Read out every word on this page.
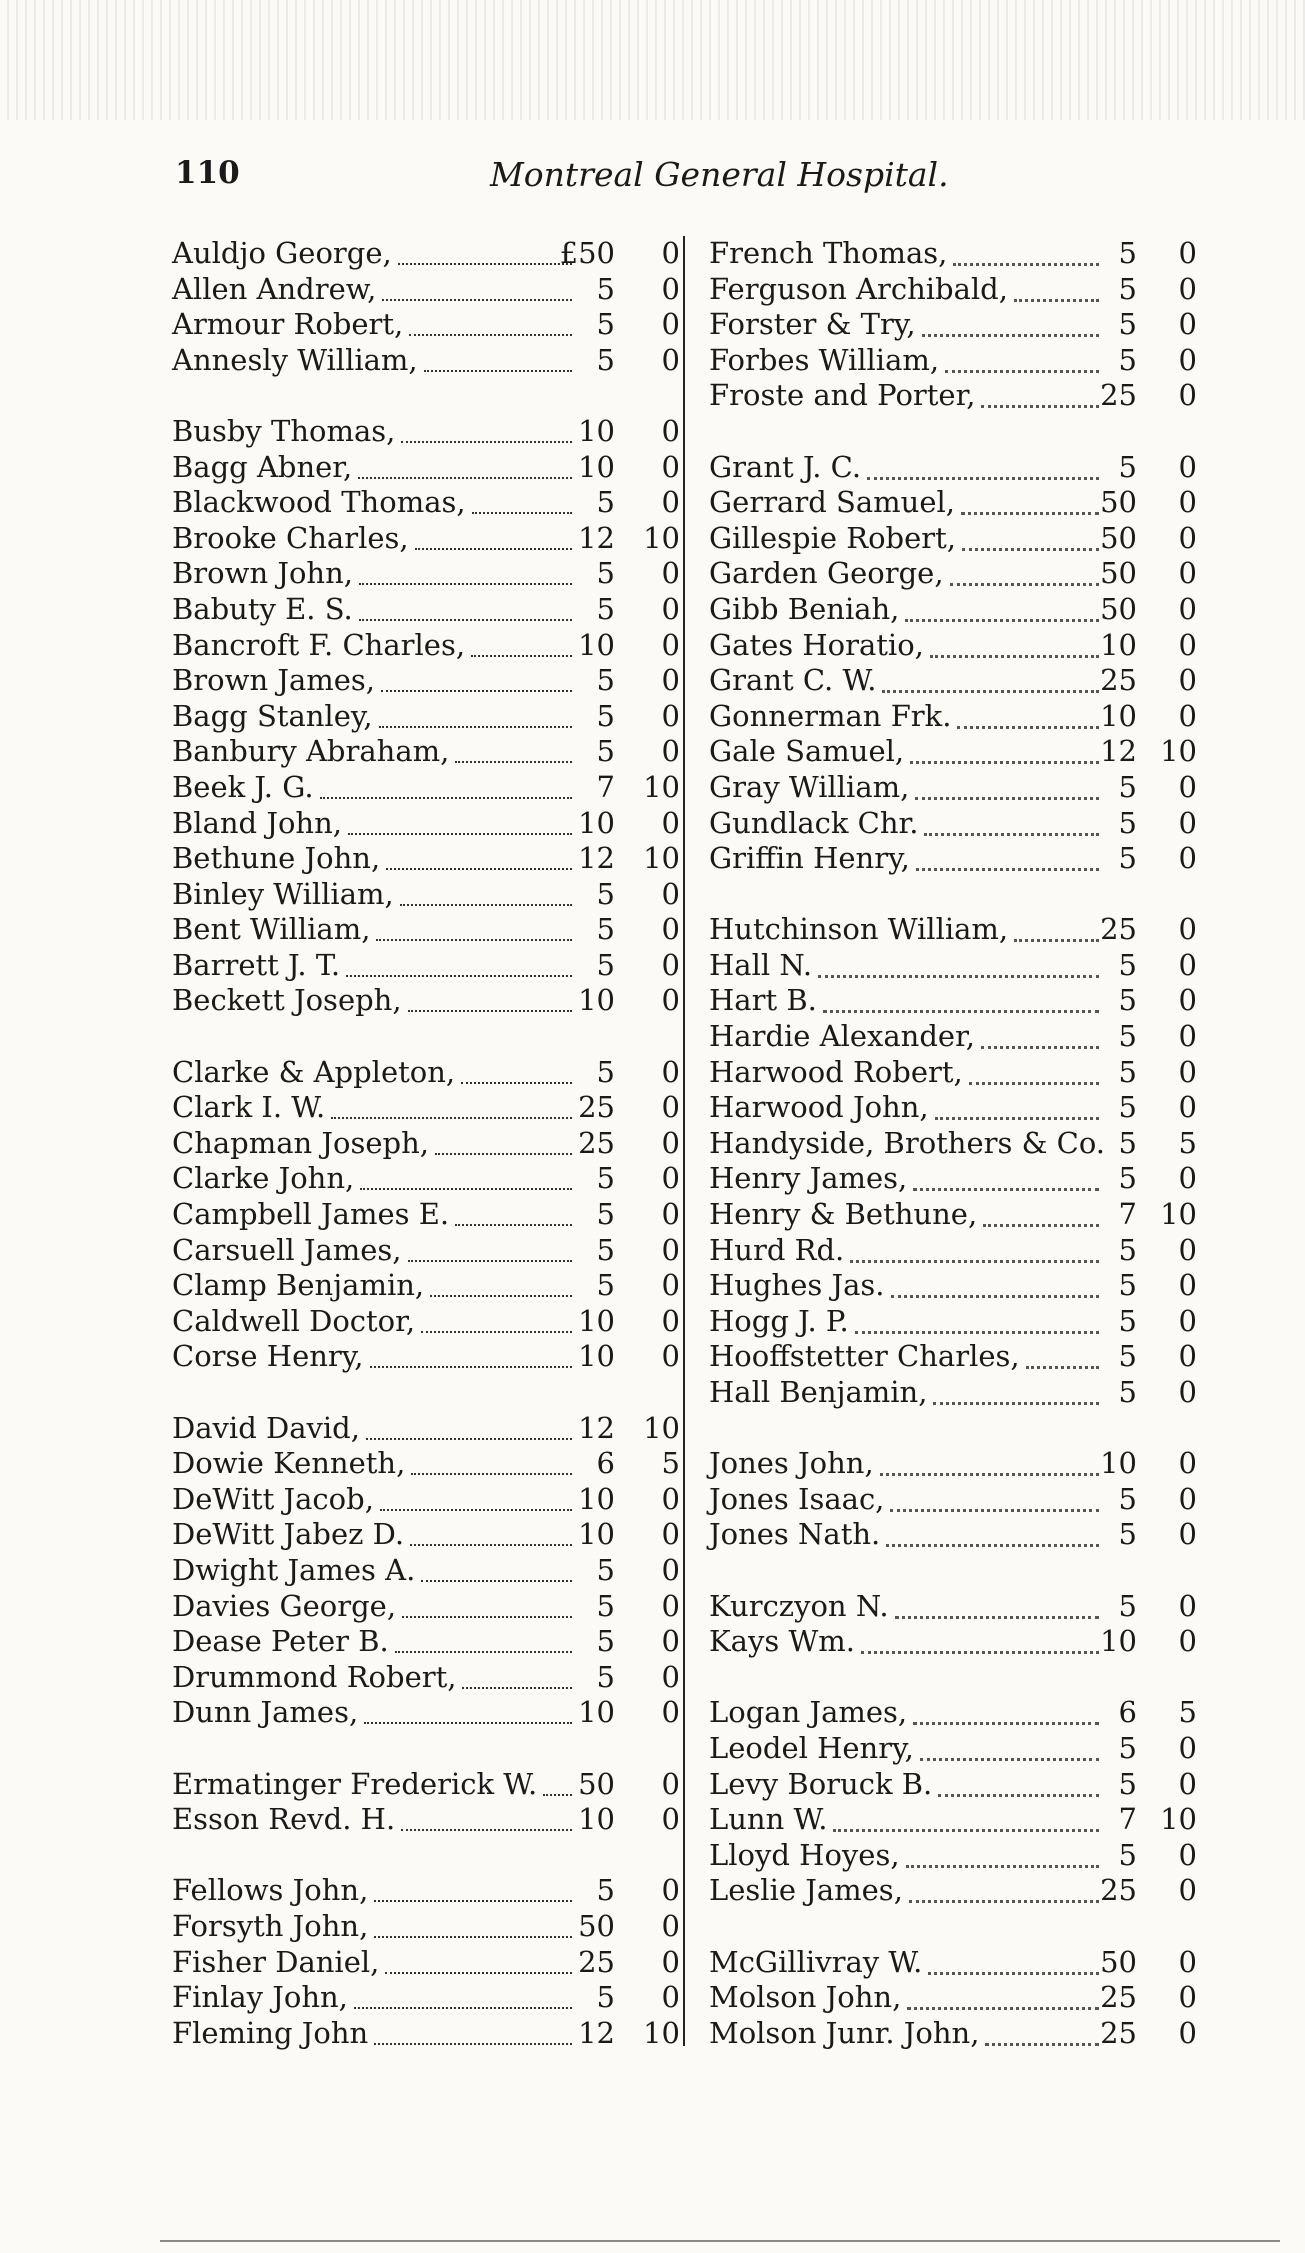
110	Montreal General Hospital.
Auldjo George,	£50	0
Allen Andrew,	5	0
Armour Robert,	5	0
Annesly William,	5	0
Busby Thomas,	10	0
Bagg Abner,	10	0
Blackwood Thomas,	5	0
Brooke Charles,	12 10
Brown John,	5	0
Babuty E. S.	5	0
Bancroft F. Charles,	10	0
Brown James,	5	0
Bagg Stanley,	5	0
Banbury Abraham,	5	0
Beek J. G.	7 10
Bland John,	10	0
Bethune John,	12 10
Binley William,	5	0
Bent William,	5	0
Barrett J. T.	5	0
Beckett Joseph,	10	0
Clarke & Appleton,	5	0
Clark I. W.	25	0
Chapman Joseph,	25	0
Clarke John,	5	0
Campbell James E.	5	0
Carsuell James,	5	0
Clamp Benjamin,	5	0
Caldwell Doctor,	10	0
Corse Henry,	10	0
David David,	12 10
Dowie Kenneth,	6	5
DeWitt Jacob,	10	0
DeWitt Jabez D.	10	0
Dwight James A.	5	0
Davies George,	5	0
Dease Peter B.	5	0
Drummond Robert,	5	0
Dunn James,	10	0
Ermatinger Frederick W.	50	0
Esson Revd. H.	10	0
Fellows John,	5	0
Forsyth John,	50	0
Fisher Daniel,	25	0
Finlay John,	5	0
Fleming John	12 10
French Thomas,	5	0
Ferguson Archibald,	5	0
Forster & Try,	5	0
Forbes William,	5	0
Froste and Porter,	25	0
Grant J. C.	5	0
Gerrard Samuel,	50	0
Gillespie Robert,	50	0
Garden George,	50	0
Gibb Beniah,	50	0
Gates Horatio,	10	0
Grant C. W.	25	0
Gonnerman Frk.	10	0
Gale Samuel,	12 10
Gray William,	5	0
Gundlack Chr.	5	0
Griffin Henry,	5	0
Hutchinson William,	25	0
Hall N.	5	0
Hart B.	5	0
Hardie Alexander,	5	0
Harwood Robert,	5	0
Harwood John,	5	0
Handyside, Brothers & Co. 5	5
Henry James,	5	0
Henry & Bethune,	7 10
Hurd Rd.	5	0
Hughes Jas.	5	0
Hogg J. P.	5	0
Hooffstetter Charles,	5	0
Hall Benjamin,	5	0
Jones John,	10	0
Jones Isaac,	5	0
Jones Nath.	5	0
Kurczyon N.	5	0
Kays Wm.	10	0
Logan James,	6	5
Leodel Henry,	5	0
Levy Boruck B.	5	0
Lunn W.	7 10
Lloyd Hoyes,	5	0
Leslie James,	25	0
McGillivray W.	50	0
Molson John,	25	0
Molson Junr. John,	25	0
